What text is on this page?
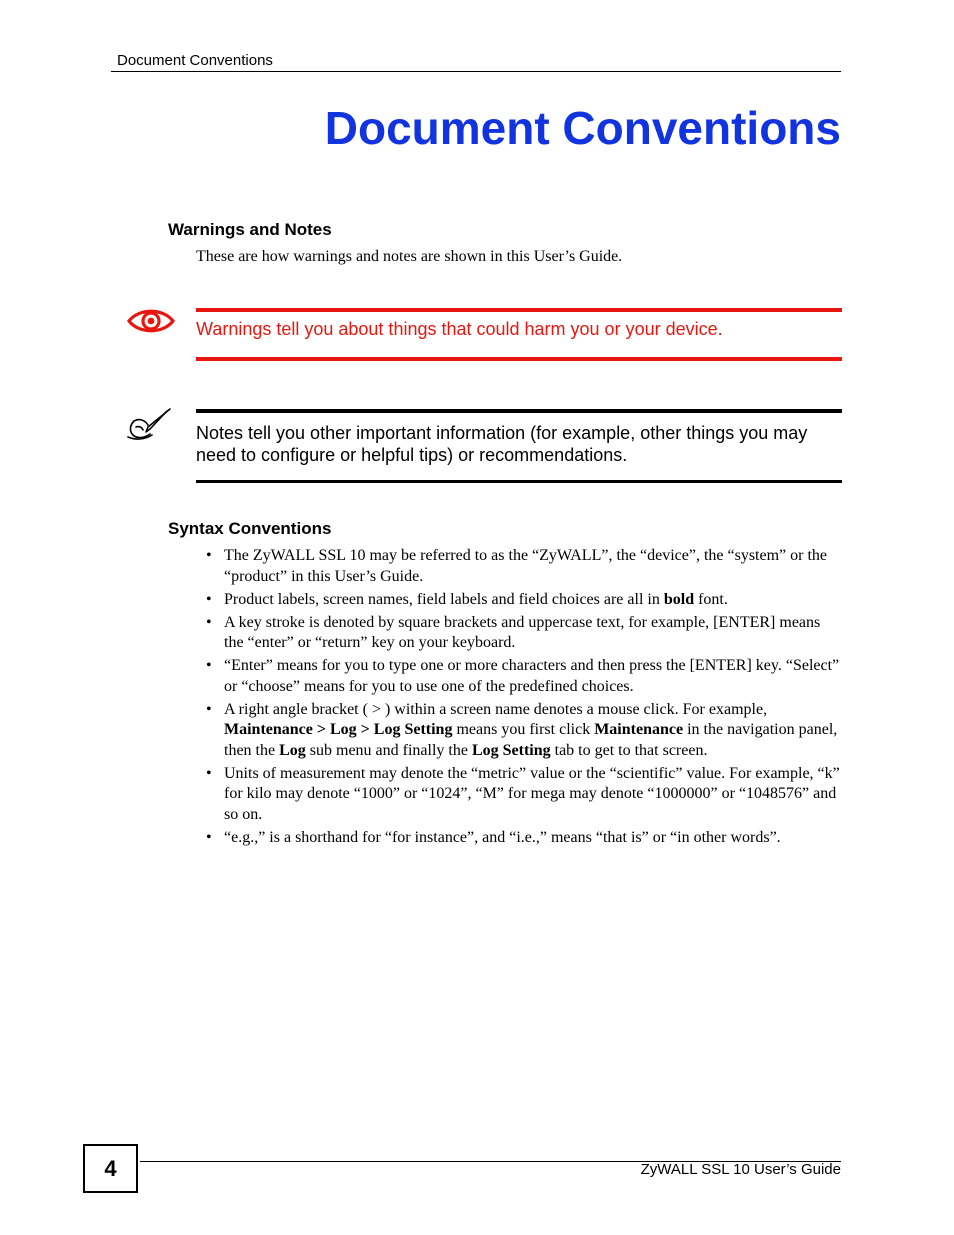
Document Conventions
Document Conventions
Warnings and Notes
These are how warnings and notes are shown in this User’s Guide.
Warnings tell you about things that could harm you or your device.
Notes tell you other important information (for example, other things you may need to configure or helpful tips) or recommendations.
Syntax Conventions
• The ZyWALL SSL 10 may be referred to as the “ZyWALL”, the “device”, the “system” or the “product” in this User’s Guide.
• Product labels, screen names, field labels and field choices are all in bold font.
• A key stroke is denoted by square brackets and uppercase text, for example, [ENTER] means the “enter” or “return” key on your keyboard.
• “Enter” means for you to type one or more characters and then press the [ENTER] key. “Select” or “choose” means for you to use one of the predefined choices.
• A right angle bracket ( > ) within a screen name denotes a mouse click. For example, Maintenance > Log > Log Setting means you first click Maintenance in the navigation panel, then the Log sub menu and finally the Log Setting tab to get to that screen.
• Units of measurement may denote the “metric” value or the “scientific” value. For example, “k” for kilo may denote “1000” or “1024”, “M” for mega may denote “1000000” or “1048576” and so on.
• “e.g.,” is a shorthand for “for instance”, and “i.e.,” means “that is” or “in other words”.
4	ZyWALL SSL 10 User’s Guide
